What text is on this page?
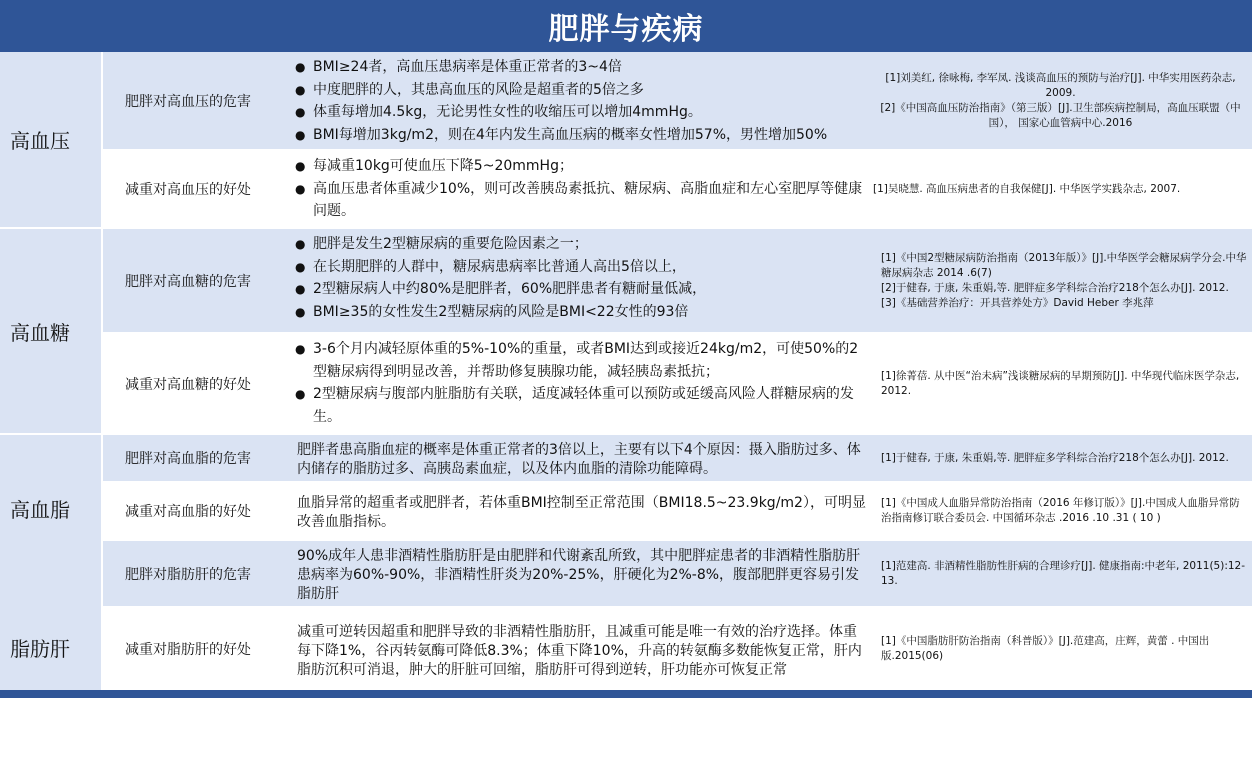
肥胖与疾病
高血压
高血糖
高血脂
脂肪肝
肥胖对高血压的危害
● BMI≥24者，高血压患病率是体重正常者的3~4倍
● 中度肥胖的人，其患高血压的风险是超重者的5倍之多
● 体重每增加4.5kg，无论男性女性的收缩压可以增加4mmHg。
● BMI每增加3kg/m2，则在4年内发生高血压病的概率女性增加57%，男性增加50%
[1]刘美红, 徐咏梅, 李军凤. 浅谈高血压的预防与治疗[J]. 中华实用医药杂志, 2009.
[2]《中国高血压防治指南》（第三版）[J].卫生部疾病控制局，高血压联盟（中国）， 国家心血管病中心.2016
减重对高血压的好处
● 每减重10kg可使血压下降5~20mmHg；
● 高血压患者体重减少10%，则可改善胰岛素抵抗、糖尿病、高脂血症和左心室肥厚等健康问题。
[1]吴晓慧. 高血压病患者的自我保健[J]. 中华医学实践杂志, 2007.
肥胖对高血糖的危害
● 肥胖是发生2型糖尿病的重要危险因素之一；
● 在长期肥胖的人群中，糖尿病患病率比普通人高出5倍以上，
● 2型糖尿病人中约80%是肥胖者，60%肥胖患者有糖耐量低减，
● BMI≥35的女性发生2型糖尿病的风险是BMI<22女性的93倍
[1]《中国2型糖尿病防治指南（2013年版）》[J].中华医学会糖尿病学分会.中华糖尿病杂志 2014 .6(7)
[2]于健春, 于康, 朱重娟,等. 肥胖症多学科综合治疗218个怎么办[J]. 2012.
[3]《基础营养治疗：开具营养处方》David Heber 李兆萍
减重对高血糖的好处
● 3-6个月内减轻原体重的5%-10%的重量，或者BMI达到或接近24kg/m2，可使50%的2型糖尿病得到明显改善，并帮助修复胰腺功能，减轻胰岛素抵抗；
● 2型糖尿病与腹部内脏脂肪有关联，适度减轻体重可以预防或延缓高风险人群糖尿病的发生。
[1]徐菁蓓. 从中医“治未病”浅谈糖尿病的早期预防[J]. 中华现代临床医学杂志, 2012.
肥胖对高血脂的危害
肥胖者患高脂血症的概率是体重正常者的3倍以上，主要有以下4个原因：摄入脂肪过多、体内储存的脂肪过多、高胰岛素血症，以及体内血脂的清除功能障碍。
[1]于健春, 于康, 朱重娟,等. 肥胖症多学科综合治疗218个怎么办[J]. 2012.
减重对高血脂的好处
血脂异常的超重者或肥胖者，若体重BMI控制至正常范围（BMI18.5~23.9kg/m2），可明显改善血脂指标。
[1]《中国成人血脂异常防治指南（2016 年修订版）》[J].中国成人血脂异常防治指南修订联合委员会. 中国循环杂志 .2016 .10 .31 ( 10 )
肥胖对脂肪肝的危害
90%成年人患非酒精性脂肪肝是由肥胖和代谢紊乱所致，其中肥胖症患者的非酒精性脂肪肝患病率为60%-90%，非酒精性肝炎为20%-25%，肝硬化为2%-8%，腹部肥胖更容易引发脂肪肝
[1]范建高. 非酒精性脂肪性肝病的合理诊疗[J]. 健康指南:中老年, 2011(5):12-13.
减重对脂肪肝的好处
减重可逆转因超重和肥胖导致的非酒精性脂肪肝，且减重可能是唯一有效的治疗选择。体重每下降1%，谷丙转氨酶可降低8.3%；体重下降10%，升高的转氨酶多数能恢复正常，肝内脂肪沉积可消退，肿大的肝脏可回缩，脂肪肝可得到逆转，肝功能亦可恢复正常
[1]《中国脂肪肝防治指南（科普版）》[J].范建高，庄辉，黄蕾 . 中国出版.2015(06)
